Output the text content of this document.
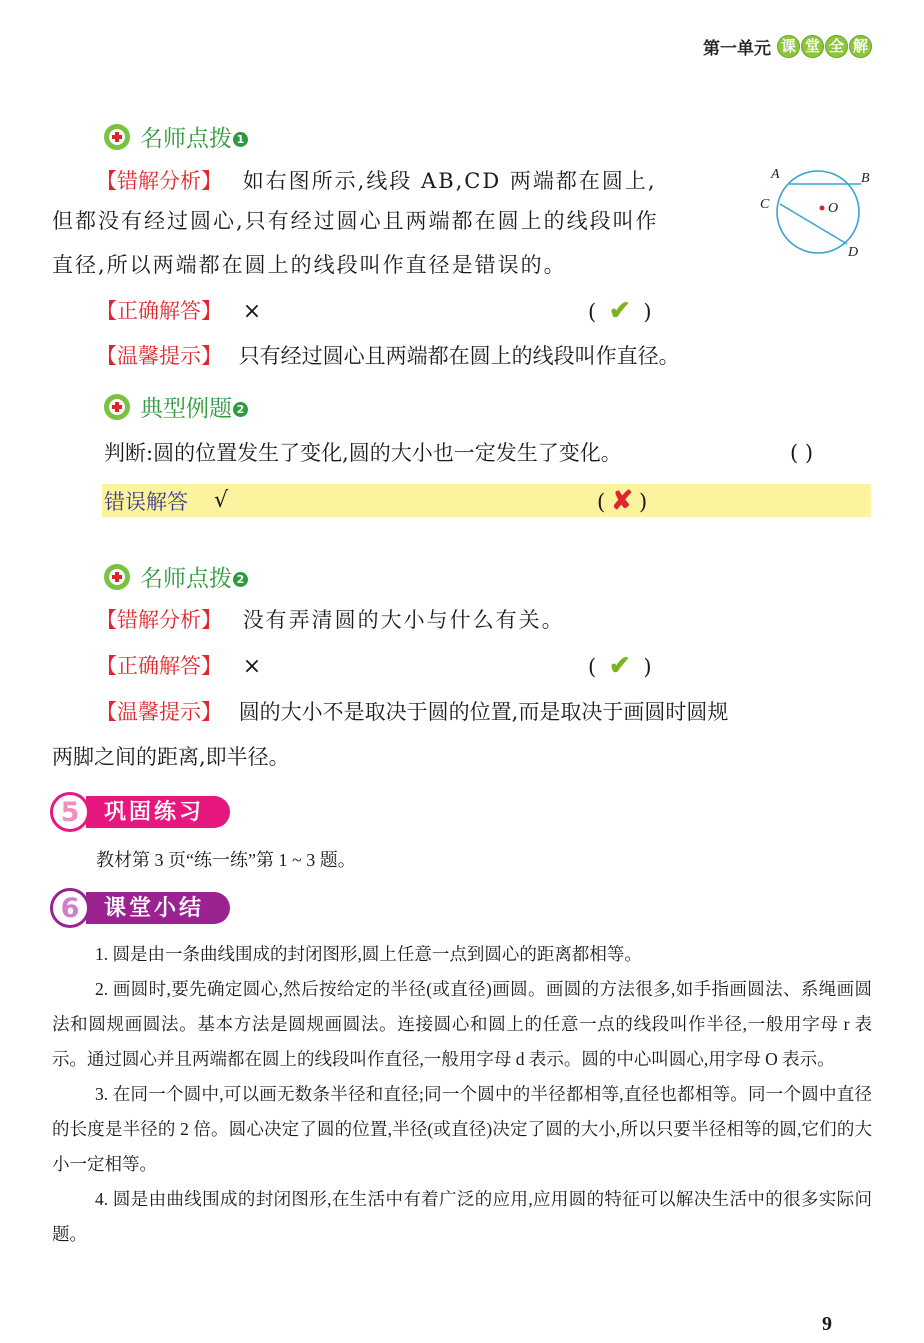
第一单元 课 堂 全 解
名师点拨 1
【错解分析】 如右图所示,线段 AB,CD 两端都在圆上,
但都没有经过圆心,只有经过圆心且两端都在圆上的线段叫作
直径,所以两端都在圆上的线段叫作直径是错误的。
A	B
C	O
D
【正确解答】 ×	( ✔ )
【温馨提示】 只有经过圆心且两端都在圆上的线段叫作直径。
典型例题 2
判断:圆的位置发生了变化,圆的大小也一定发生了变化。	( )
错误解答 √	( ✘ )
名师点拨 2
【错解分析】 没有弄清圆的大小与什么有关。
【正确解答】 ×	( ✔ )
【温馨提示】 圆的大小不是取决于圆的位置,而是取决于画圆时圆规
两脚之间的距离,即半径。
5	巩固练习
教材第 3 页“练一练”第 1 ~ 3 题。
6	课堂小结
1. 圆是由一条曲线围成的封闭图形,圆上任意一点到圆心的距离都相等。
2. 画圆时,要先确定圆心,然后按给定的半径(或直径)画圆。画圆的方法很多,如手指画圆法、系绳画圆法和圆规画圆法。基本方法是圆规画圆法。连接圆心和圆上的任意一点的线段叫作半径,一般用字母 r 表示。通过圆心并且两端都在圆上的线段叫作直径,一般用字母 d 表示。圆的中心叫圆心,用字母 O 表示。
3. 在同一个圆中,可以画无数条半径和直径;同一个圆中的半径都相等,直径也都相等。同一个圆中直径的长度是半径的 2 倍。圆心决定了圆的位置,半径(或直径)决定了圆的大小,所以只要半径相等的圆,它们的大小一定相等。
4. 圆是由曲线围成的封闭图形,在生活中有着广泛的应用,应用圆的特征可以解决生活中的很多实际问题。
9
